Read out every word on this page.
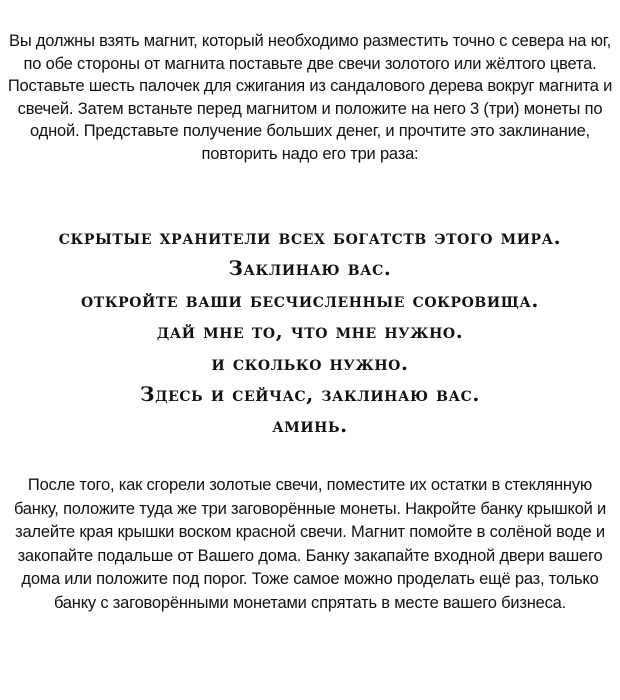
Вы должны взять магнит, который необходимо разместить точно с севера на юг, по обе стороны от магнита поставьте две свечи золотого или жёлтого цвета. Поставьте шесть палочек для сжигания из сандалового дерева вокруг магнита и свечей. Затем встаньте перед магнитом и положите на него 3 (три) монеты по одной. Представьте получение больших денег, и прочтите это заклинание, повторить надо его три раза:

скрытые хранители всех богатств этого мира.
Заклинаю вас.
откройте ваши бесчисленные сокровища.
дай мне то, что мне нужно.
и сколько нужно.
Здесь и сейчас, заклинаю вас.
аминь.

После того, как сгорели золотые свечи, поместите их остатки в стеклянную банку, положите туда же три заговорённые монеты. Накройте банку крышкой и залейте края крышки воском красной свечи. Магнит помойте в солёной воде и закопайте подальше от Вашего дома. Банку закапайте входной двери вашего дома или положите под порог. Тоже самое можно проделать ещё раз, только банку с заговорёнными монетами спрятать в месте вашего бизнеса.
